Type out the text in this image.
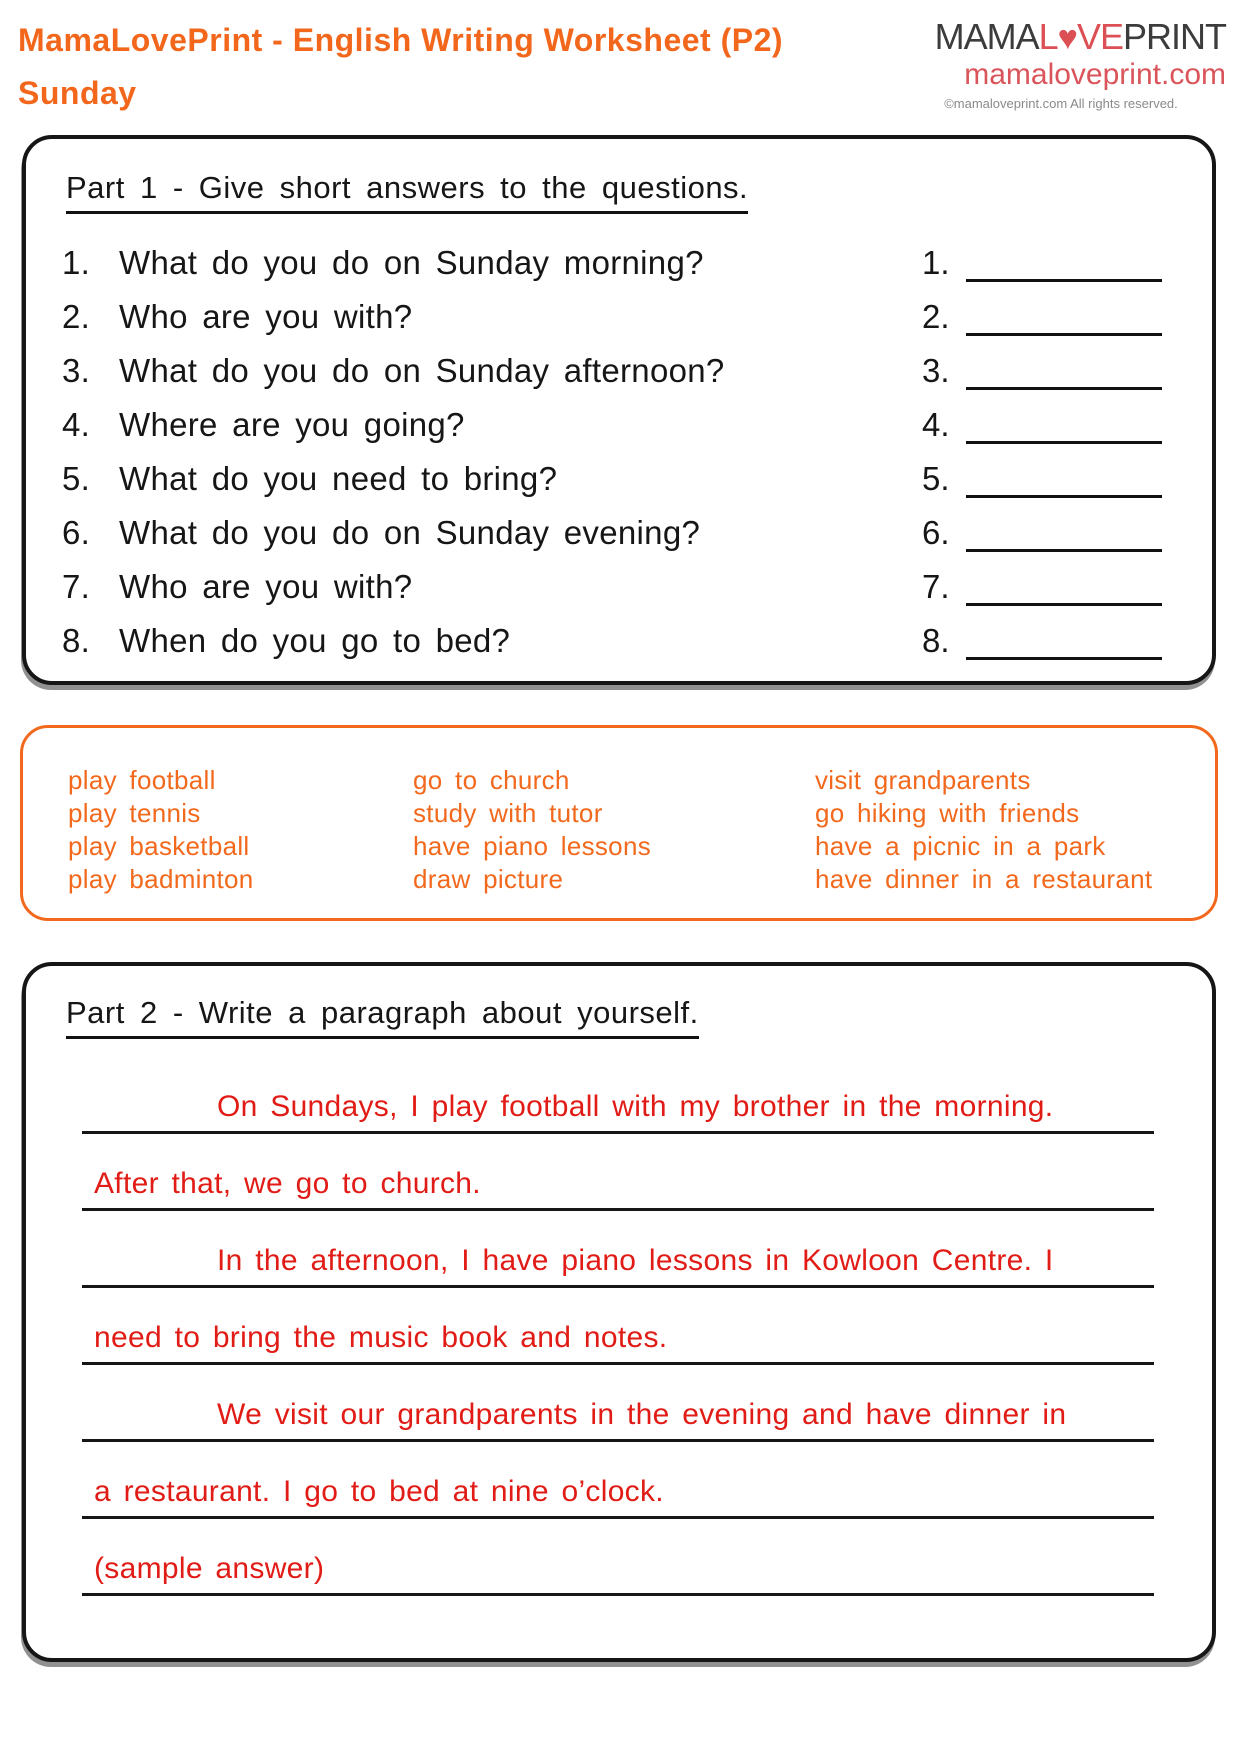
MamaLovePrint - English Writing Worksheet (P2)
Sunday
MAMAL♥VEPRINT
mamaloveprint.com
©mamaloveprint.com All rights reserved.
Part 1 - Give short answers to the questions.
1. What do you do on Sunday morning?
2. Who are you with?
3. What do you do on Sunday afternoon?
4. Where are you going?
5. What do you need to bring?
6. What do you do on Sunday evening?
7. Who are you with?
8. When do you go to bed?
1.
2.
3.
4.
5.
6.
7.
8.
play football
play tennis
play basketball
play badminton
go to church
study with tutor
have piano lessons
draw picture
visit grandparents
go hiking with friends
have a picnic in a park
have dinner in a restaurant
Part 2 - Write a paragraph about yourself.
On Sundays, I play football with my brother in the morning.
After that, we go to church.
In the afternoon, I have piano lessons in Kowloon Centre. I
need to bring the music book and notes.
We visit our grandparents in the evening and have dinner in
a restaurant. I go to bed at nine o’clock.
(sample answer)
